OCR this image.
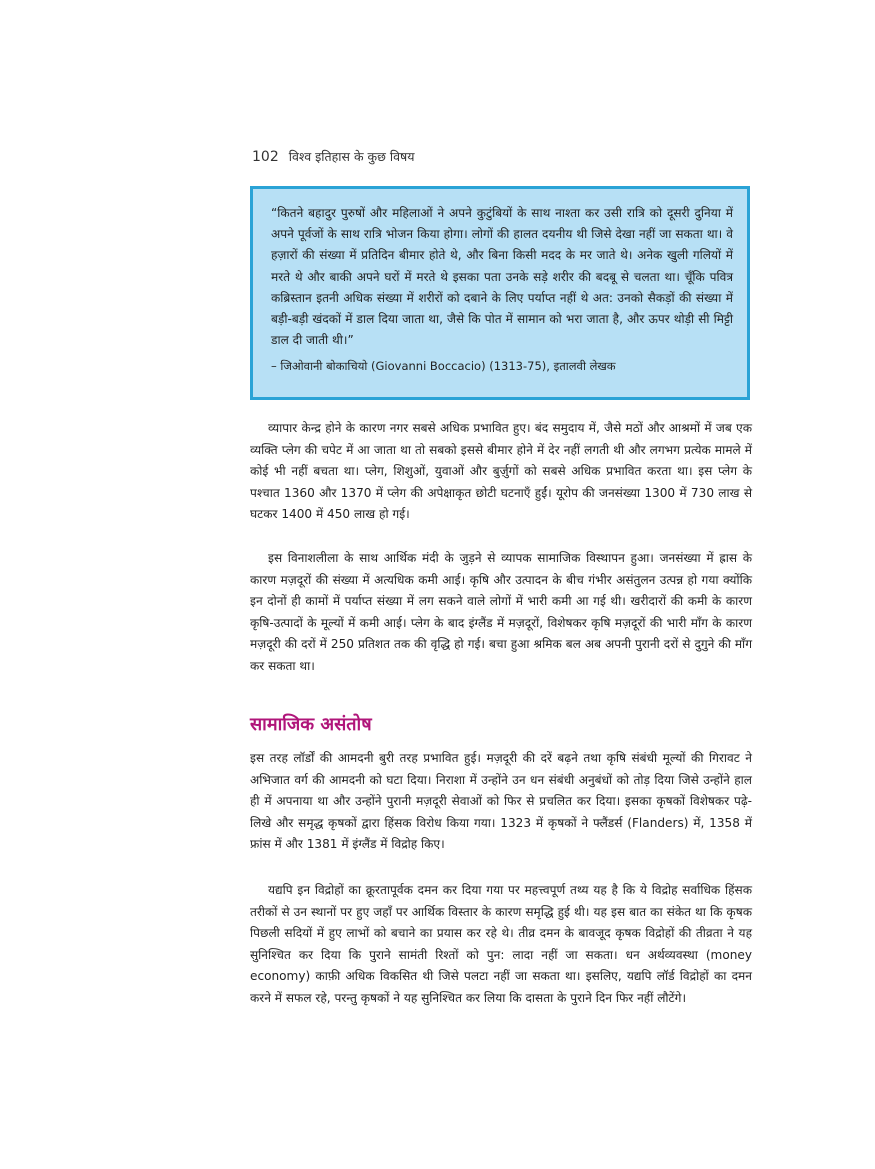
102 विश्व इतिहास के कुछ विषय

“कितने बहादुर पुरुषों और महिलाओं ने अपने कुटुंबियों के साथ नाश्ता कर उसी रात्रि को दूसरी दुनिया में अपने पूर्वजों के साथ रात्रि भोजन किया होगा। लोगों की हालत दयनीय थी जिसे देखा नहीं जा सकता था। वे हज़ारों की संख्या में प्रतिदिन बीमार होते थे, और बिना किसी मदद के मर जाते थे। अनेक खुली गलियों में मरते थे और बाकी अपने घरों में मरते थे इसका पता उनके सड़े शरीर की बदबू से चलता था। चूँकि पवित्र कब्रिस्तान इतनी अधिक संख्या में शरीरों को दबाने के लिए पर्याप्त नहीं थे अत: उनको सैकड़ों की संख्या में बड़ी-बड़ी खंदकों में डाल दिया जाता था, जैसे कि पोत में सामान को भरा जाता है, और ऊपर थोड़ी सी मिट्टी डाल दी जाती थी।”

– जिओवानी बोकाचियो (Giovanni Boccacio) (1313-75), इतालवी लेखक

व्यापार केन्द्र होने के कारण नगर सबसे अधिक प्रभावित हुए। बंद समुदाय में, जैसे मठों और आश्रमों में जब एक व्यक्ति प्लेग की चपेट में आ जाता था तो सबको इससे बीमार होने में देर नहीं लगती थी और लगभग प्रत्येक मामले में कोई भी नहीं बचता था। प्लेग, शिशुओं, युवाओं और बुर्ज़ुगों को सबसे अधिक प्रभावित करता था। इस प्लेग के पश्चात 1360 और 1370 में प्लेग की अपेक्षाकृत छोटी घटनाएँ हुईं। यूरोप की जनसंख्या 1300 में 730 लाख से घटकर 1400 में 450 लाख हो गई।

इस विनाशलीला के साथ आर्थिक मंदी के जुड़ने से व्यापक सामाजिक विस्थापन हुआ। जनसंख्या में ह्रास के कारण मज़दूरों की संख्या में अत्यधिक कमी आई। कृषि और उत्पादन के बीच गंभीर असंतुलन उत्पन्न हो गया क्योंकि इन दोनों ही कामों में पर्याप्त संख्या में लग सकने वाले लोगों में भारी कमी आ गई थी। खरीदारों की कमी के कारण कृषि-उत्पादों के मूल्यों में कमी आई। प्लेग के बाद इंग्लैंड में मज़दूरों, विशेषकर कृषि मज़दूरों की भारी माँग के कारण मज़दूरी की दरों में 250 प्रतिशत तक की वृद्धि हो गई। बचा हुआ श्रमिक बल अब अपनी पुरानी दरों से दुगुने की माँग कर सकता था।

सामाजिक असंतोष

इस तरह लॉर्डों की आमदनी बुरी तरह प्रभावित हुई। मज़दूरी की दरें बढ़ने तथा कृषि संबंधी मूल्यों की गिरावट ने अभिजात वर्ग की आमदनी को घटा दिया। निराशा में उन्होंने उन धन संबंधी अनुबंधों को तोड़ दिया जिसे उन्होंने हाल ही में अपनाया था और उन्होंने पुरानी मज़दूरी सेवाओं को फिर से प्रचलित कर दिया। इसका कृषकों विशेषकर पढ़े-लिखे और समृद्ध कृषकों द्वारा हिंसक विरोध किया गया। 1323 में कृषकों ने फ्लैंडर्स (Flanders) में, 1358 में फ्रांस में और 1381 में इंग्लैंड में विद्रोह किए।

यद्यपि इन विद्रोहों का क्रूरतापूर्वक दमन कर दिया गया पर महत्त्वपूर्ण तथ्य यह है कि ये विद्रोह सर्वाधिक हिंसक तरीकों से उन स्थानों पर हुए जहाँ पर आर्थिक विस्तार के कारण समृद्धि हुई थी। यह इस बात का संकेत था कि कृषक पिछली सदियों में हुए लाभों को बचाने का प्रयास कर रहे थे। तीव्र दमन के बावजूद कृषक विद्रोहों की तीव्रता ने यह सुनिश्चित कर दिया कि पुराने सामंती रिश्तों को पुन: लादा नहीं जा सकता। धन अर्थव्यवस्था (money economy) काफ़ी अधिक विकसित थी जिसे पलटा नहीं जा सकता था। इसलिए, यद्यपि लॉर्ड विद्रोहों का दमन करने में सफल रहे, परन्तु कृषकों ने यह सुनिश्चित कर लिया कि दासता के पुराने दिन फिर नहीं लौटेंगे।
